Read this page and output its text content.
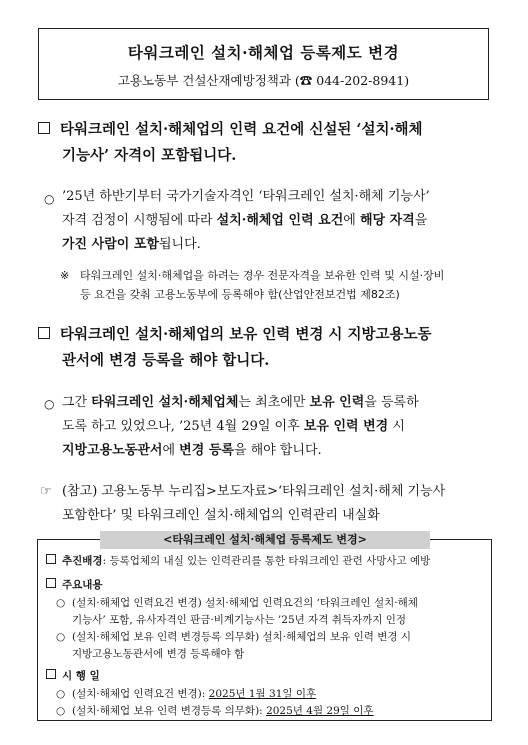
타워크레인 설치·해체업 등록제도 변경
고용노동부 건설산재예방정책과 (☎ 044-202-8941)
타워크레인 설치·해체업의 인력 요건에 신설된 ‘설치·해체
기능사’ 자격이 포함됩니다.
○ ’25년 하반기부터 국가기술자격인 ‘타워크레인 설치·해체 기능사’
자격 검정이 시행됨에 따라 설치·해체업 인력 요건에 해당 자격을
가진 사람이 포함됩니다.
※ 타워크레인 설치·해체업을 하려는 경우 전문자격을 보유한 인력 및 시설·장비
등 요건을 갖춰 고용노동부에 등록해야 함(산업안전보건법 제82조)
타워크레인 설치·해체업의 보유 인력 변경 시 지방고용노동
관서에 변경 등록을 해야 합니다.
○ 그간 타워크레인 설치·해체업체는 최초에만 보유 인력을 등록하
도록 하고 있었으나, ’25년 4월 29일 이후 보유 인력 변경 시
지방고용노동관서에 변경 등록을 해야 합니다.
☞ (참고) 고용노동부 누리집>보도자료>‘타워크레인 설치·해체 기능사
포함한다’ 및 타워크레인 설치·해체업의 인력관리 내실화
<타워크레인 설치·해체업 등록제도 변경>
추진배경: 등록업체의 내실 있는 인력관리를 통한 타워크레인 관련 사망사고 예방
주요내용
○ (설치·해체업 인력요건 변경) 설치·해체업 인력요건의 ‘타워크레인 설치·해체
기능사’ 포함, 유사자격인 판금·비계기능사는 ’25년 자격 취득자까지 인정
○ (설치·해체업 보유 인력 변경등록 의무화) 설치·해체업의 보유 인력 변경 시
지방고용노동관서에 변경 등록해야 함
시 행 일
○ (설치·해체업 인력요건 변경): 2025년 1월 31일 이후
○ (설치·해체업 보유 인력 변경등록 의무화): 2025년 4월 29일 이후
